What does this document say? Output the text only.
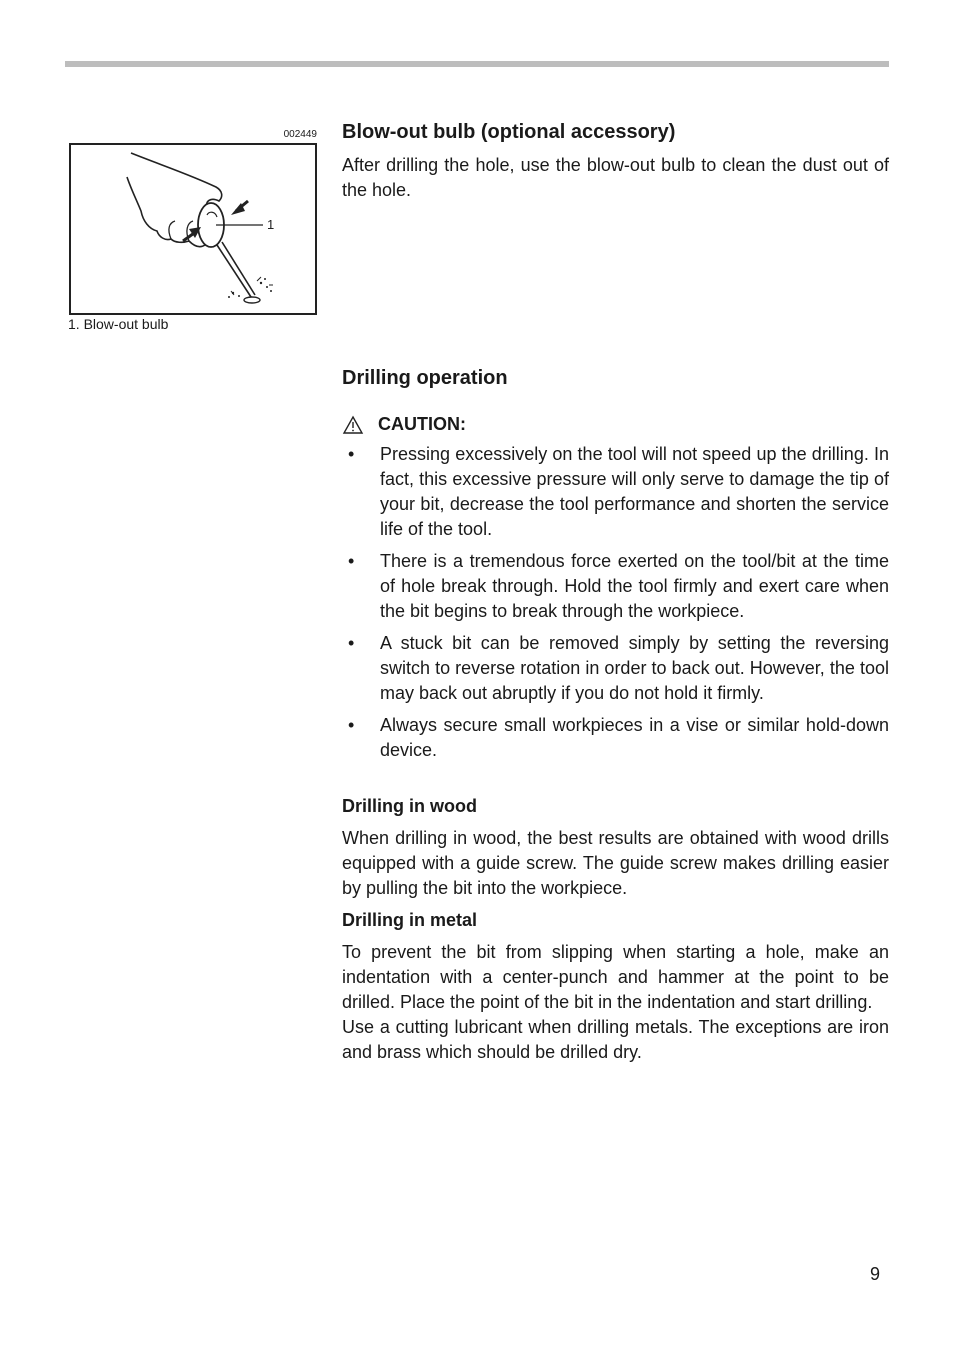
002449
1
1. Blow-out bulb
Blow-out bulb (optional accessory)

After drilling the hole, use the blow-out bulb to clean the dust out of the hole.

Drilling operation
CAUTION:
• Pressing excessively on the tool will not speed up the drilling. In fact, this excessive pressure will only serve to damage the tip of your bit, decrease the tool performance and shorten the service life of the tool.
• There is a tremendous force exerted on the tool/bit at the time of hole break through. Hold the tool firmly and exert care when the bit begins to break through the workpiece.
• A stuck bit can be removed simply by setting the reversing switch to reverse rotation in order to back out. However, the tool may back out abruptly if you do not hold it firmly.
• Always secure small workpieces in a vise or similar hold-down device.
Drilling in wood

When drilling in wood, the best results are obtained with wood drills equipped with a guide screw. The guide screw makes drilling easier by pulling the bit into the workpiece.

Drilling in metal

To prevent the bit from slipping when starting a hole, make an indentation with a center-punch and hammer at the point to be drilled. Place the point of the bit in the indentation and start drilling.

Use a cutting lubricant when drilling metals. The exceptions are iron and brass which should be drilled dry.

9
